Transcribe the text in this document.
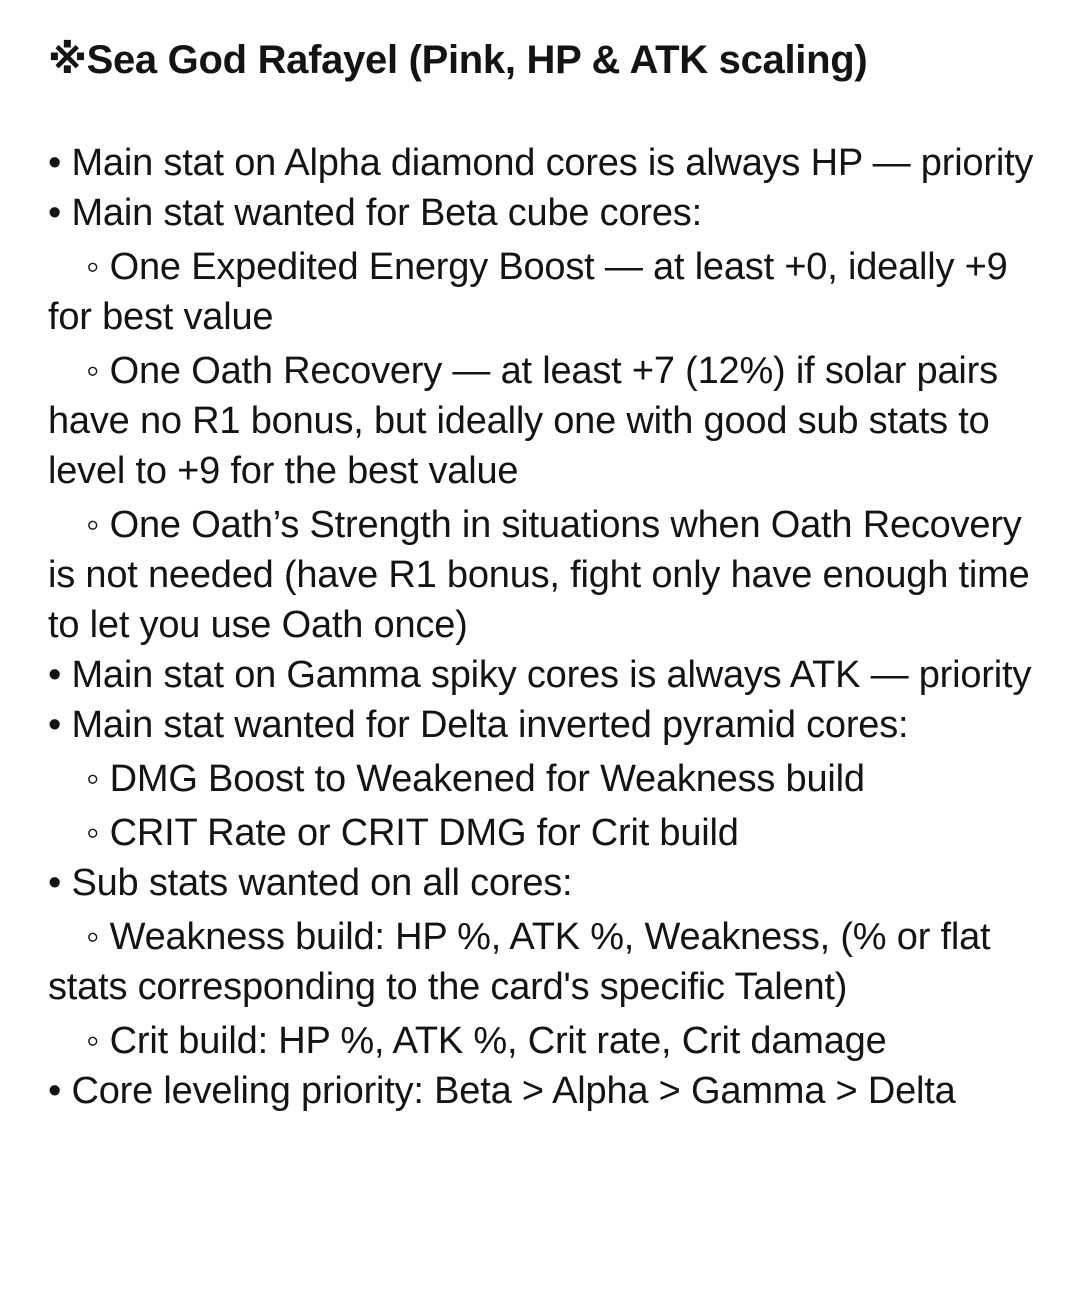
※Sea God Rafayel (Pink, HP & ATK scaling)
• Main stat on Alpha diamond cores is always HP — priority
• Main stat wanted for Beta cube cores:
◦ One Expedited Energy Boost — at least +0, ideally +9 for best value
◦ One Oath Recovery — at least +7 (12%) if solar pairs have no R1 bonus, but ideally one with good sub stats to level to +9 for the best value
◦ One Oath’s Strength in situations when Oath Recovery is not needed (have R1 bonus, fight only have enough time to let you use Oath once)
• Main stat on Gamma spiky cores is always ATK — priority
• Main stat wanted for Delta inverted pyramid cores:
◦ DMG Boost to Weakened for Weakness build
◦ CRIT Rate or CRIT DMG for Crit build
• Sub stats wanted on all cores:
◦ Weakness build: HP %, ATK %, Weakness, (% or flat stats corresponding to the card's specific Talent)
◦ Crit build: HP %, ATK %, Crit rate, Crit damage
• Core leveling priority: Beta > Alpha > Gamma > Delta
